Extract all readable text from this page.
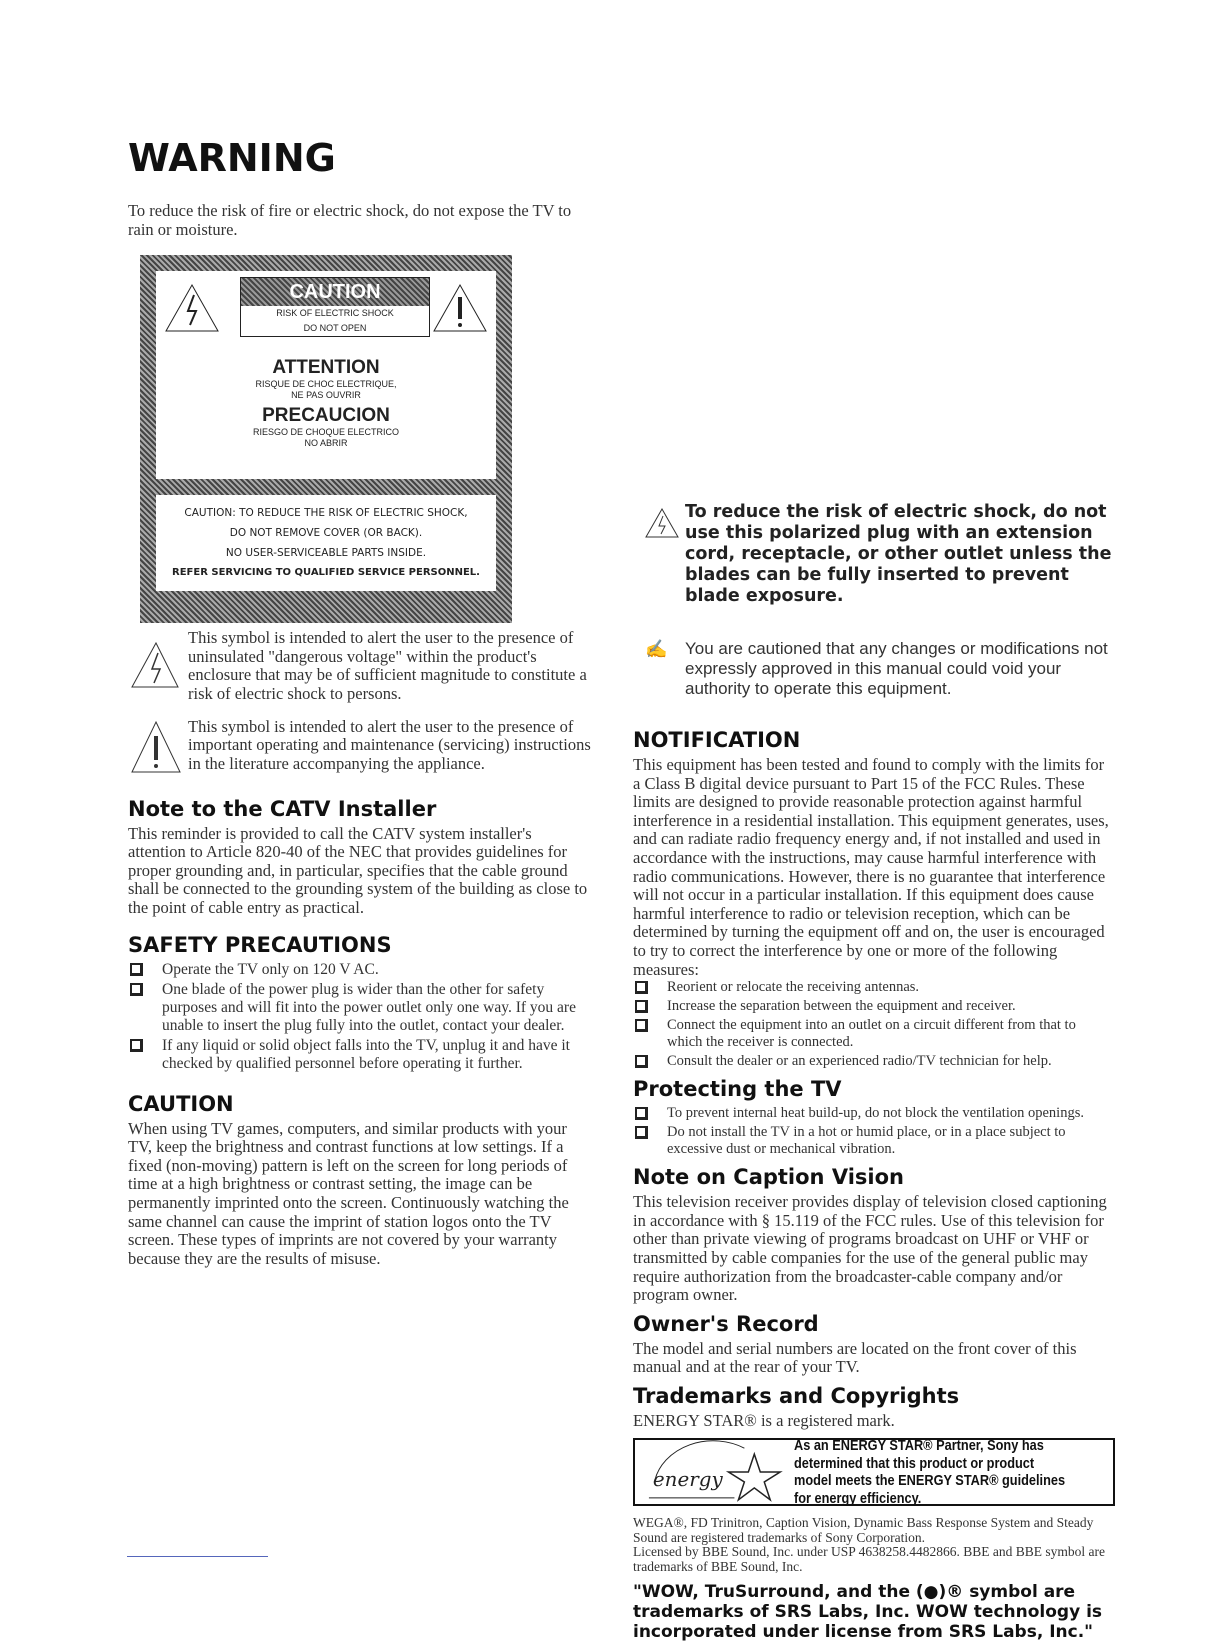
WARNING

To reduce the risk of fire or electric shock, do not expose the TV to rain or moisture.

CAUTION
RISK OF ELECTRIC SHOCK
DO NOT OPEN
ATTENTION
RISQUE DE CHOC ELECTRIQUE,
NE PAS OUVRIR
PRECAUCION
RIESGO DE CHOQUE ELECTRICO
NO ABRIR
CAUTION: TO REDUCE THE RISK OF ELECTRIC SHOCK,
DO NOT REMOVE COVER (OR BACK).
NO USER-SERVICEABLE PARTS INSIDE.
REFER SERVICING TO QUALIFIED SERVICE PERSONNEL.

This symbol is intended to alert the user to the presence of uninsulated "dangerous voltage" within the product's enclosure that may be of sufficient magnitude to constitute a risk of electric shock to persons.

This symbol is intended to alert the user to the presence of important operating and maintenance (servicing) instructions in the literature accompanying the appliance.

Note to the CATV Installer

This reminder is provided to call the CATV system installer's attention to Article 820-40 of the NEC that provides guidelines for proper grounding and, in particular, specifies that the cable ground shall be connected to the grounding system of the building as close to the point of cable entry as practical.

SAFETY PRECAUTIONS
Operate the TV only on 120 V AC.
One blade of the power plug is wider than the other for safety purposes and will fit into the power outlet only one way. If you are unable to insert the plug fully into the outlet, contact your dealer.
If any liquid or solid object falls into the TV, unplug it and have it checked by qualified personnel before operating it further.
CAUTION

When using TV games, computers, and similar products with your TV, keep the brightness and contrast functions at low settings. If a fixed (non-moving) pattern is left on the screen for long periods of time at a high brightness or contrast setting, the image can be permanently imprinted onto the screen. Continuously watching the same channel can cause the imprint of station logos onto the TV screen. These types of imprints are not covered by your warranty because they are the results of misuse.

To reduce the risk of electric shock, do not use this polarized plug with an extension cord, receptacle, or other outlet unless the blades can be fully inserted to prevent blade exposure.
✍ You are cautioned that any changes or modifications not expressly approved in this manual could void your authority to operate this equipment.
NOTIFICATION

This equipment has been tested and found to comply with the limits for a Class B digital device pursuant to Part 15 of the FCC Rules. These limits are designed to provide reasonable protection against harmful interference in a residential installation. This equipment generates, uses, and can radiate radio frequency energy and, if not installed and used in accordance with the instructions, may cause harmful interference with radio communications. However, there is no guarantee that interference will not occur in a particular installation. If this equipment does cause harmful interference to radio or television reception, which can be determined by turning the equipment off and on, the user is encouraged to try to correct the interference by one or more of the following measures:

Reorient or relocate the receiving antennas.
Increase the separation between the equipment and receiver.
Connect the equipment into an outlet on a circuit different from that to which the receiver is connected.
Consult the dealer or an experienced radio/TV technician for help.
Protecting the TV
To prevent internal heat build-up, do not block the ventilation openings.
Do not install the TV in a hot or humid place, or in a place subject to excessive dust or mechanical vibration.
Note on Caption Vision

This television receiver provides display of television closed captioning in accordance with § 15.119 of the FCC rules. Use of this television for other than private viewing of programs broadcast on UHF or VHF or transmitted by cable companies for the use of the general public may require authorization from the broadcaster-cable company and/or program owner.

Owner's Record

The model and serial numbers are located on the front cover of this manual and at the rear of your TV.

Trademarks and Copyrights

ENERGY STAR® is a registered mark.

energy
As an ENERGY STAR® Partner, Sony has
determined that this product or product
model meets the ENERGY STAR® guidelines
for energy efficiency.

WEGA®, FD Trinitron, Caption Vision, Dynamic Bass Response System and Steady Sound are registered trademarks of Sony Corporation.

Licensed by BBE Sound, Inc. under USP 4638258.4482866. BBE and BBE symbol are trademarks of BBE Sound, Inc.

"WOW, TruSurround, and the (●)® symbol are trademarks of SRS Labs, Inc. WOW technology is incorporated under license from SRS Labs, Inc."
